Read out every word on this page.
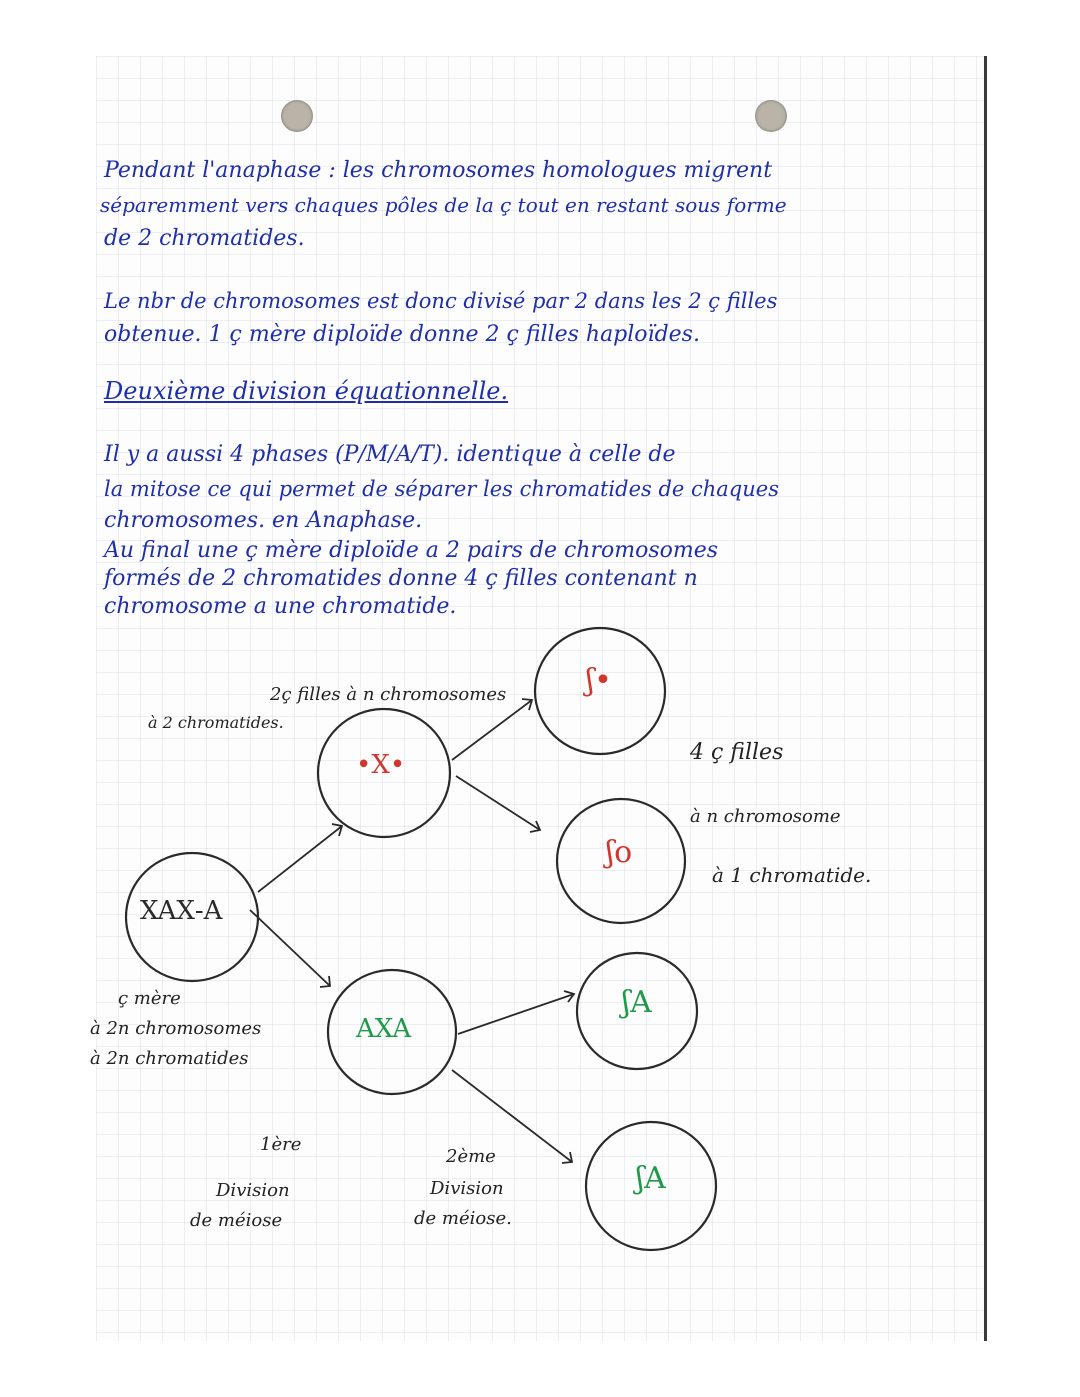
Pendant l'anaphase : les chromosomes homologues migrent
séparemment vers chaques pôles de la ç tout en restant sous forme
de 2 chromatides.
Le nbr de chromosomes est donc divisé par 2 dans les 2 ç filles
obtenue. 1 ç mère diploïde donne 2 ç filles haploïdes.
Deuxième division équationnelle.
Il y a aussi 4 phases (P/M/A/T). identique à celle de
la mitose ce qui permet de séparer les chromatides de chaques
chromosomes. en Anaphase.
Au final une ç mère diploïde a 2 pairs de chromosomes
formés de 2 chromatides donne 4 ç filles contenant n
chromosome a une chromatide.
XAX‑A
•X•
AXA
ʃ•
ʃo
ʃA
ʃA
2ç filles à n chromosomes
à 2 chromatides.
4 ç filles
à n chromosome
à 1 chromatide.
ç mère
à 2n chromosomes
à 2n chromatides
1ère
Division
de méiose
2ème
Division
de méiose.
